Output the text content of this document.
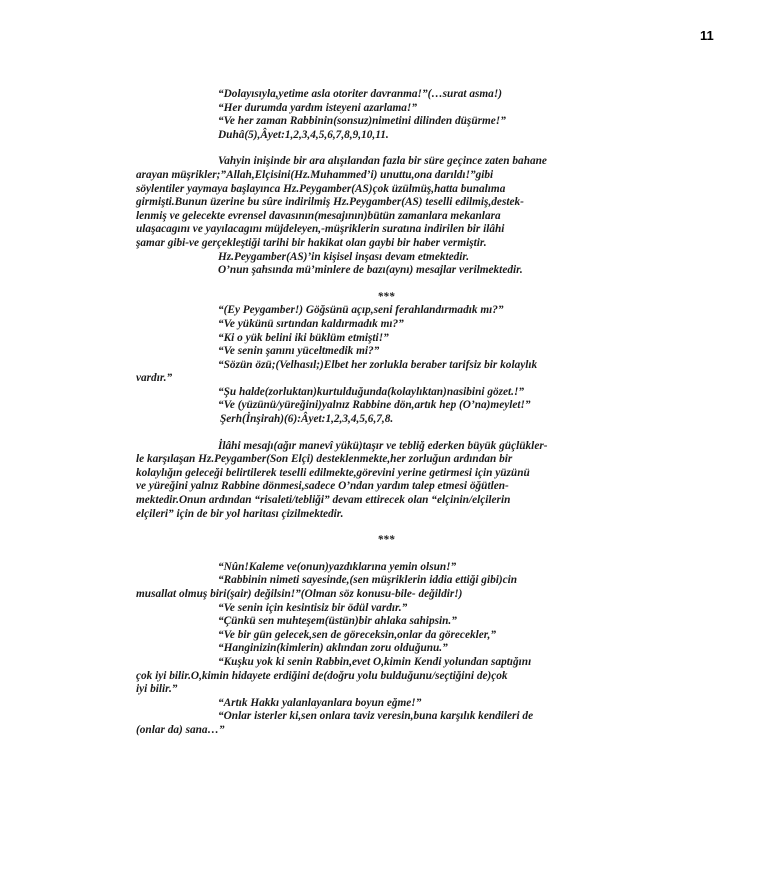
11
“Dolayısıyla,yetime asla otoriter davranma!”(…surat asma!)
“Her durumda yardım isteyeni azarlama!”
“Ve her zaman Rabbinin(sonsuz)nimetini dilinden düşürme!”
Duhâ(5),Âyet:1,2,3,4,5,6,7,8,9,10,11.
Vahyin inişinde bir ara alışılandan fazla bir süre geçince zaten bahane
arayan müşrikler;”Allah,Elçisini(Hz.Muhammed’i) unuttu,ona darıldı!”gibi
söylentiler yaymaya başlayınca Hz.Peygamber(AS)çok üzülmüş,hatta bunalıma
girmişti.Bunun üzerine bu sûre indirilmiş Hz.Peygamber(AS) teselli edilmiş,destek-
lenmiş ve gelecekte evrensel davasının(mesajının)bütün zamanlara mekanlara
ulaşacagını ve yayılacagını müjdeleyen,-müşriklerin suratına indirilen bir ilâhi
şamar gibi-ve gerçekleştiği tarihi bir hakikat olan gaybi bir haber vermiştir.
Hz.Peygamber(AS)’in kişisel inşası devam etmektedir.
O’nun şahsında mü’minlere de bazı(aynı) mesajlar verilmektedir.
***
“(Ey Peygamber!) Göğsünü açıp,seni ferahlandırmadık mı?”
“Ve yükünü sırtından kaldırmadık mı?”
“Ki o yük belini iki büklüm etmişti!”
“Ve senin şanını yüceltmedik mi?”
“Sözün özü;(Velhasıl;)Elbet her zorlukla beraber tarifsiz bir kolaylık
vardır.”
“Şu halde(zorluktan)kurtulduğunda(kolaylıktan)nasibini gözet.!”
“Ve (yüzünü/yüreğini)yalnız Rabbine dön,artık hep (O’na)meylet!”
Şerh(İnşirah)(6):Âyet:1,2,3,4,5,6,7,8.
İlâhi mesajı(ağır manevî yükü)taşır ve tebliğ ederken büyük güçlükler-
le karşılaşan Hz.Peygamber(Son Elçi) desteklenmekte,her zorluğun ardından bir
kolaylığın geleceği belirtilerek teselli edilmekte,görevini yerine getirmesi için yüzünü
ve yüreğini yalnız Rabbine dönmesi,sadece O’ndan yardım talep etmesi öğütlen-
mektedir.Onun ardından “risaleti/tebliği” devam ettirecek olan “elçinin/elçilerin
elçileri” için de bir yol haritası çizilmektedir.
***
“Nûn!Kaleme ve(onun)yazdıklarına yemin olsun!”
“Rabbinin nimeti sayesinde,(sen müşriklerin iddia ettiği gibi)cin
musallat olmuş biri(şair) değilsin!”(Olman söz konusu-bile- değildir!)
“Ve senin için kesintisiz bir ödül vardır.”
“Çünkü sen muhteşem(üstün)bir ahlaka sahipsin.”
“Ve bir gün gelecek,sen de göreceksin,onlar da görecekler,”
“Hanginizin(kimlerin) aklından zoru olduğunu.”
“Kuşku yok ki senin Rabbin,evet O,kimin Kendi yolundan saptığını
çok iyi bilir.O,kimin hidayete erdiğini de(doğru yolu bulduğunu/seçtiğini de)çok
iyi bilir.”
“Artık Hakkı yalanlayanlara boyun eğme!”
“Onlar isterler ki,sen onlara taviz veresin,buna karşılık kendileri de
(onlar da) sana…”
